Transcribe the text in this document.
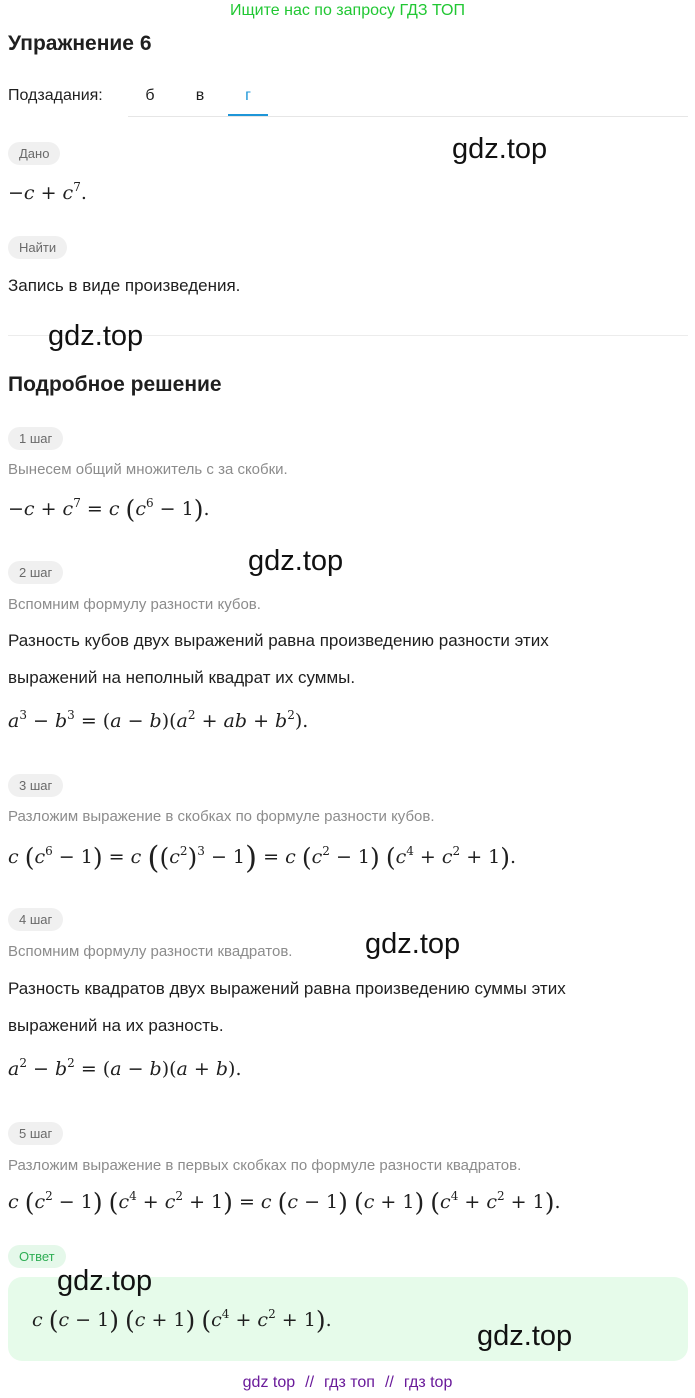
Ищите нас по запросу ГДЗ ТОП
Упражнение 6
Подзадания:	б	в	г
Дано
$-c + c^7$.
Найти
Запись в виде произведения.
Подробное решение
1 шаг
Вынесем общий множитель c за скобки.
$-c + c^7 = c$ $(c^6 - 1)$.
2 шаг
Вспомним формулу разности кубов.
Разность кубов двух выражений равна произведению разности этих
выражений на неполный квадрат их суммы.
$a^3 - b^3 = (a - b)(a^2$ + ab + $b^2$).
3 шаг
Разложим выражение в скобках по формуле разности кубов.
c $(c^6 - 1) = c$ $((c^2)^3 - 1) = c$ $(c^2 - 1) (c^4 + c^2 + 1)$.
4 шаг
Вспомним формулу разности квадратов.
Разность квадратов двух выражений равна произведению суммы этих
выражений на их разность.
$a^2 - b^2 = (a - b)(a + b)$.
5 шаг
Разложим выражение в первых скобках по формуле разности квадратов.
c $(c^2 - 1) (c^4 + c^2 + 1) = c$ (c − 1) (c + 1) $(c^4 + c^2 + 1)$.
Ответ
c (c − 1) (c + 1) $(c^4 + c^2 + 1)$.
gdz.top
gdz.top
gdz.top
gdz.top
gdz.top
gdz.top
gdz top // гдз топ // гдз top
